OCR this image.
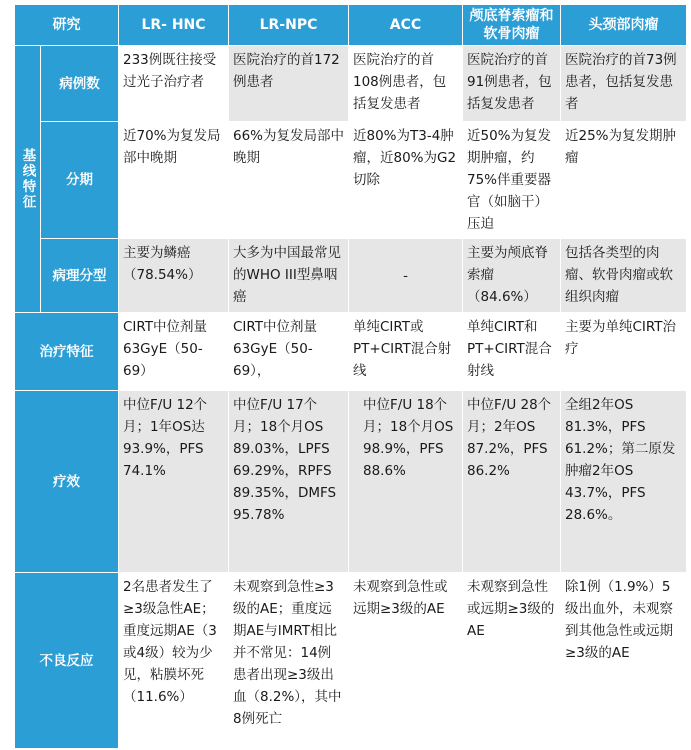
研究		LR- HNC	LR-NPC	ACC	颅底脊索瘤和软骨肉瘤	头颈部肉瘤
基线特征	病例数	233例既往接受过光子治疗者	医院治疗的首172例患者	医院治疗的首108例患者，包括复发患者	医院治疗的首91例患者，包括复发患者	医院治疗的首73例患者，包括复发患者
	分期	近70%为复发局部中晚期	66%为复发局部中晚期	近80%为T3-4肿瘤，近80%为G2切除	近50%为复发期肿瘤，约75%伴重要器官（如脑干）压迫	近25%为复发期肿瘤
	病理分型	主要为鳞癌（78.54%）	大多为中国最常见的WHO III型鼻咽癌	-	主要为颅底脊索瘤（84.6%）	包括各类型的肉瘤、软骨肉瘤或软组织肉瘤
治疗特征		CIRT中位剂量63GyE（50-69）	CIRT中位剂量63GyE（50-69），	单纯CIRT或PT+CIRT混合射线	单纯CIRT和PT+CIRT混合射线	主要为单纯CIRT治疗
疗效		中位F/U 12个月；1年OS达93.9%，PFS 74.1%	中位F/U 17个月；18个月OS 89.03%，LPFS 69.29%，RPFS 89.35%，DMFS 95.78%	中位F/U 18个月；18个月OS 98.9%，PFS 88.6%	中位F/U 28个月；2年OS 87.2%，PFS 86.2%	全组2年OS 81.3%，PFS 61.2%；第二原发肿瘤2年OS 43.7%，PFS 28.6%。
不良反应		2名患者发生了≥3级急性AE；重度远期AE（3或4级）较为少见，粘膜坏死（11.6%）	未观察到急性≥3级的AE；重度远期AE与IMRT相比并不常见：14例患者出现≥3级出血（8.2%），其中8例死亡	未观察到急性或远期≥3级的AE	未观察到急性或远期≥3级的AE	除1例（1.9%）5级出血外，未观察到其他急性或远期≥3级的AE
